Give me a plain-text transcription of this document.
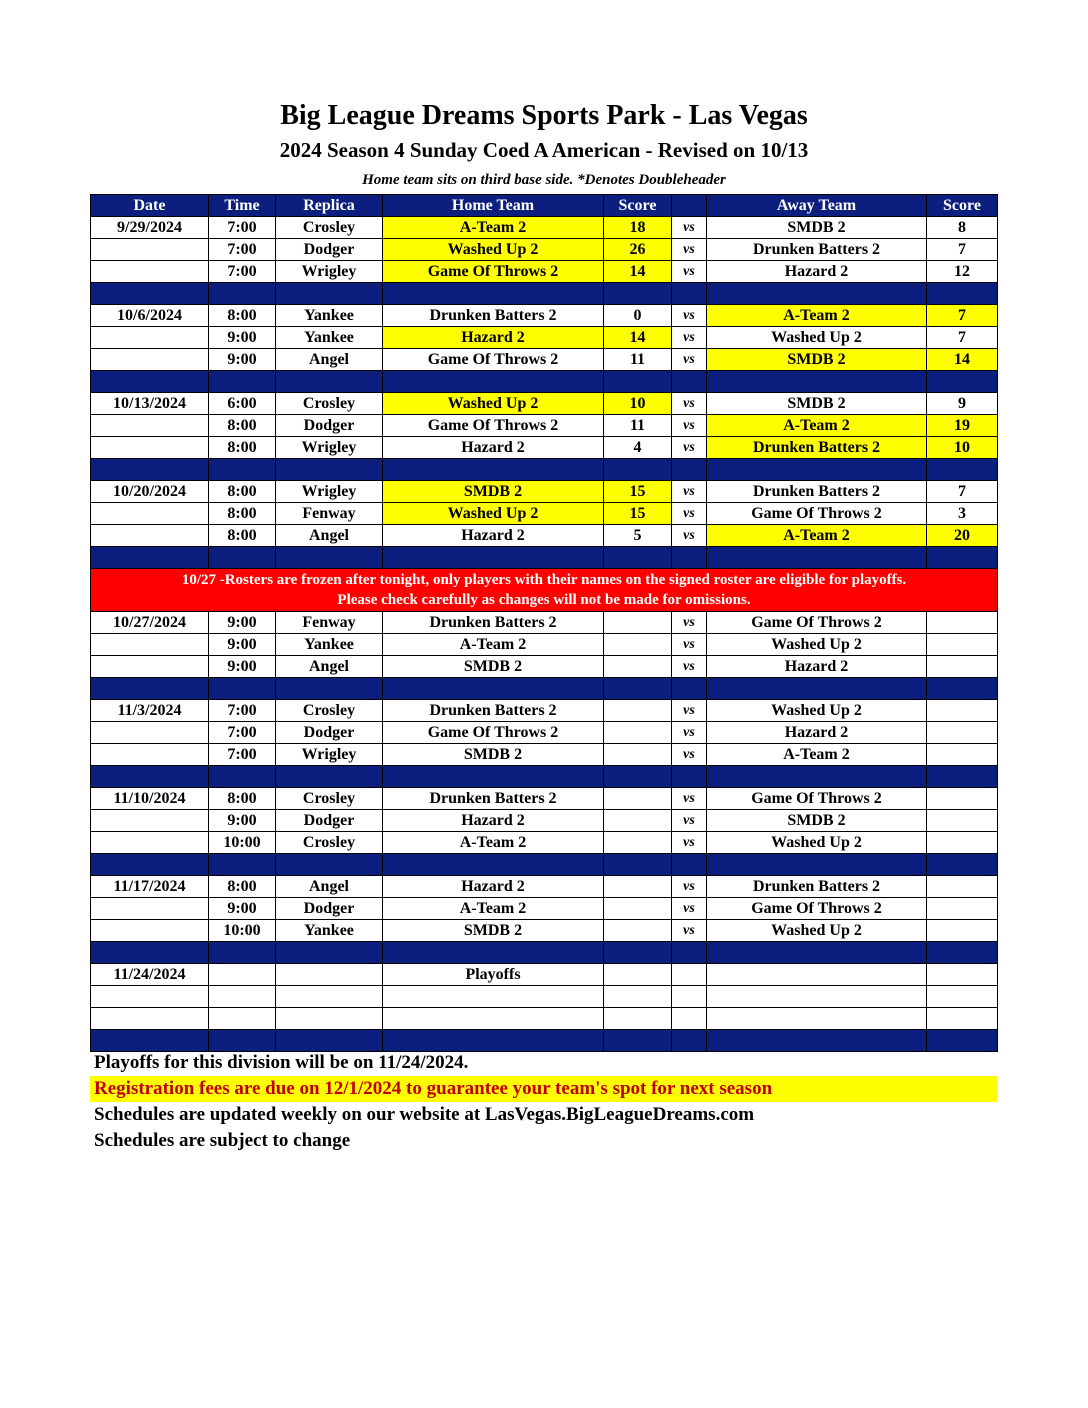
Big League Dreams Sports Park - Las Vegas
2024 Season 4 Sunday Coed A American - Revised on 10/13
Home team sits on third base side. *Denotes Doubleheader
Date	Time	Replica	Home Team	Score		Away Team	Score
9/29/2024	7:00	Crosley	A-Team 2	18	vs	SMDB 2	8
	7:00	Dodger	Washed Up 2	26	vs	Drunken Batters 2	7
	7:00	Wrigley	Game Of Throws 2	14	vs	Hazard 2	12

10/6/2024	8:00	Yankee	Drunken Batters 2	0	vs	A-Team 2	7
	9:00	Yankee	Hazard 2	14	vs	Washed Up 2	7
	9:00	Angel	Game Of Throws 2	11	vs	SMDB 2	14

10/13/2024	6:00	Crosley	Washed Up 2	10	vs	SMDB 2	9
	8:00	Dodger	Game Of Throws 2	11	vs	A-Team 2	19
	8:00	Wrigley	Hazard 2	4	vs	Drunken Batters 2	10

10/20/2024	8:00	Wrigley	SMDB 2	15	vs	Drunken Batters 2	7
	8:00	Fenway	Washed Up 2	15	vs	Game Of Throws 2	3
	8:00	Angel	Hazard 2	5	vs	A-Team 2	20

10/27 -Rosters are frozen after tonight, only players with their names on the signed roster are eligible for playoffs.
Please check carefully as changes will not be made for omissions.							

10/27/2024	9:00	Fenway	Drunken Batters 2		vs	Game Of Throws 2	
	9:00	Yankee	A-Team 2		vs	Washed Up 2	
	9:00	Angel	SMDB 2		vs	Hazard 2	

11/3/2024	7:00	Crosley	Drunken Batters 2		vs	Washed Up 2	
	7:00	Dodger	Game Of Throws 2		vs	Hazard 2	
	7:00	Wrigley	SMDB 2		vs	A-Team 2	

11/10/2024	8:00	Crosley	Drunken Batters 2		vs	Game Of Throws 2	
	9:00	Dodger	Hazard 2		vs	SMDB 2	
	10:00	Crosley	A-Team 2		vs	Washed Up 2	

11/17/2024	8:00	Angel	Hazard 2		vs	Drunken Batters 2	
	9:00	Dodger	A-Team 2		vs	Game Of Throws 2	
	10:00	Yankee	SMDB 2		vs	Washed Up 2	

11/24/2024			Playoffs				

Playoffs for this division will be on 11/24/2024.
Registration fees are due on 12/1/2024 to guarantee your team's spot for next season
Schedules are updated weekly on our website at LasVegas.BigLeagueDreams.com
Schedules are subject to change
